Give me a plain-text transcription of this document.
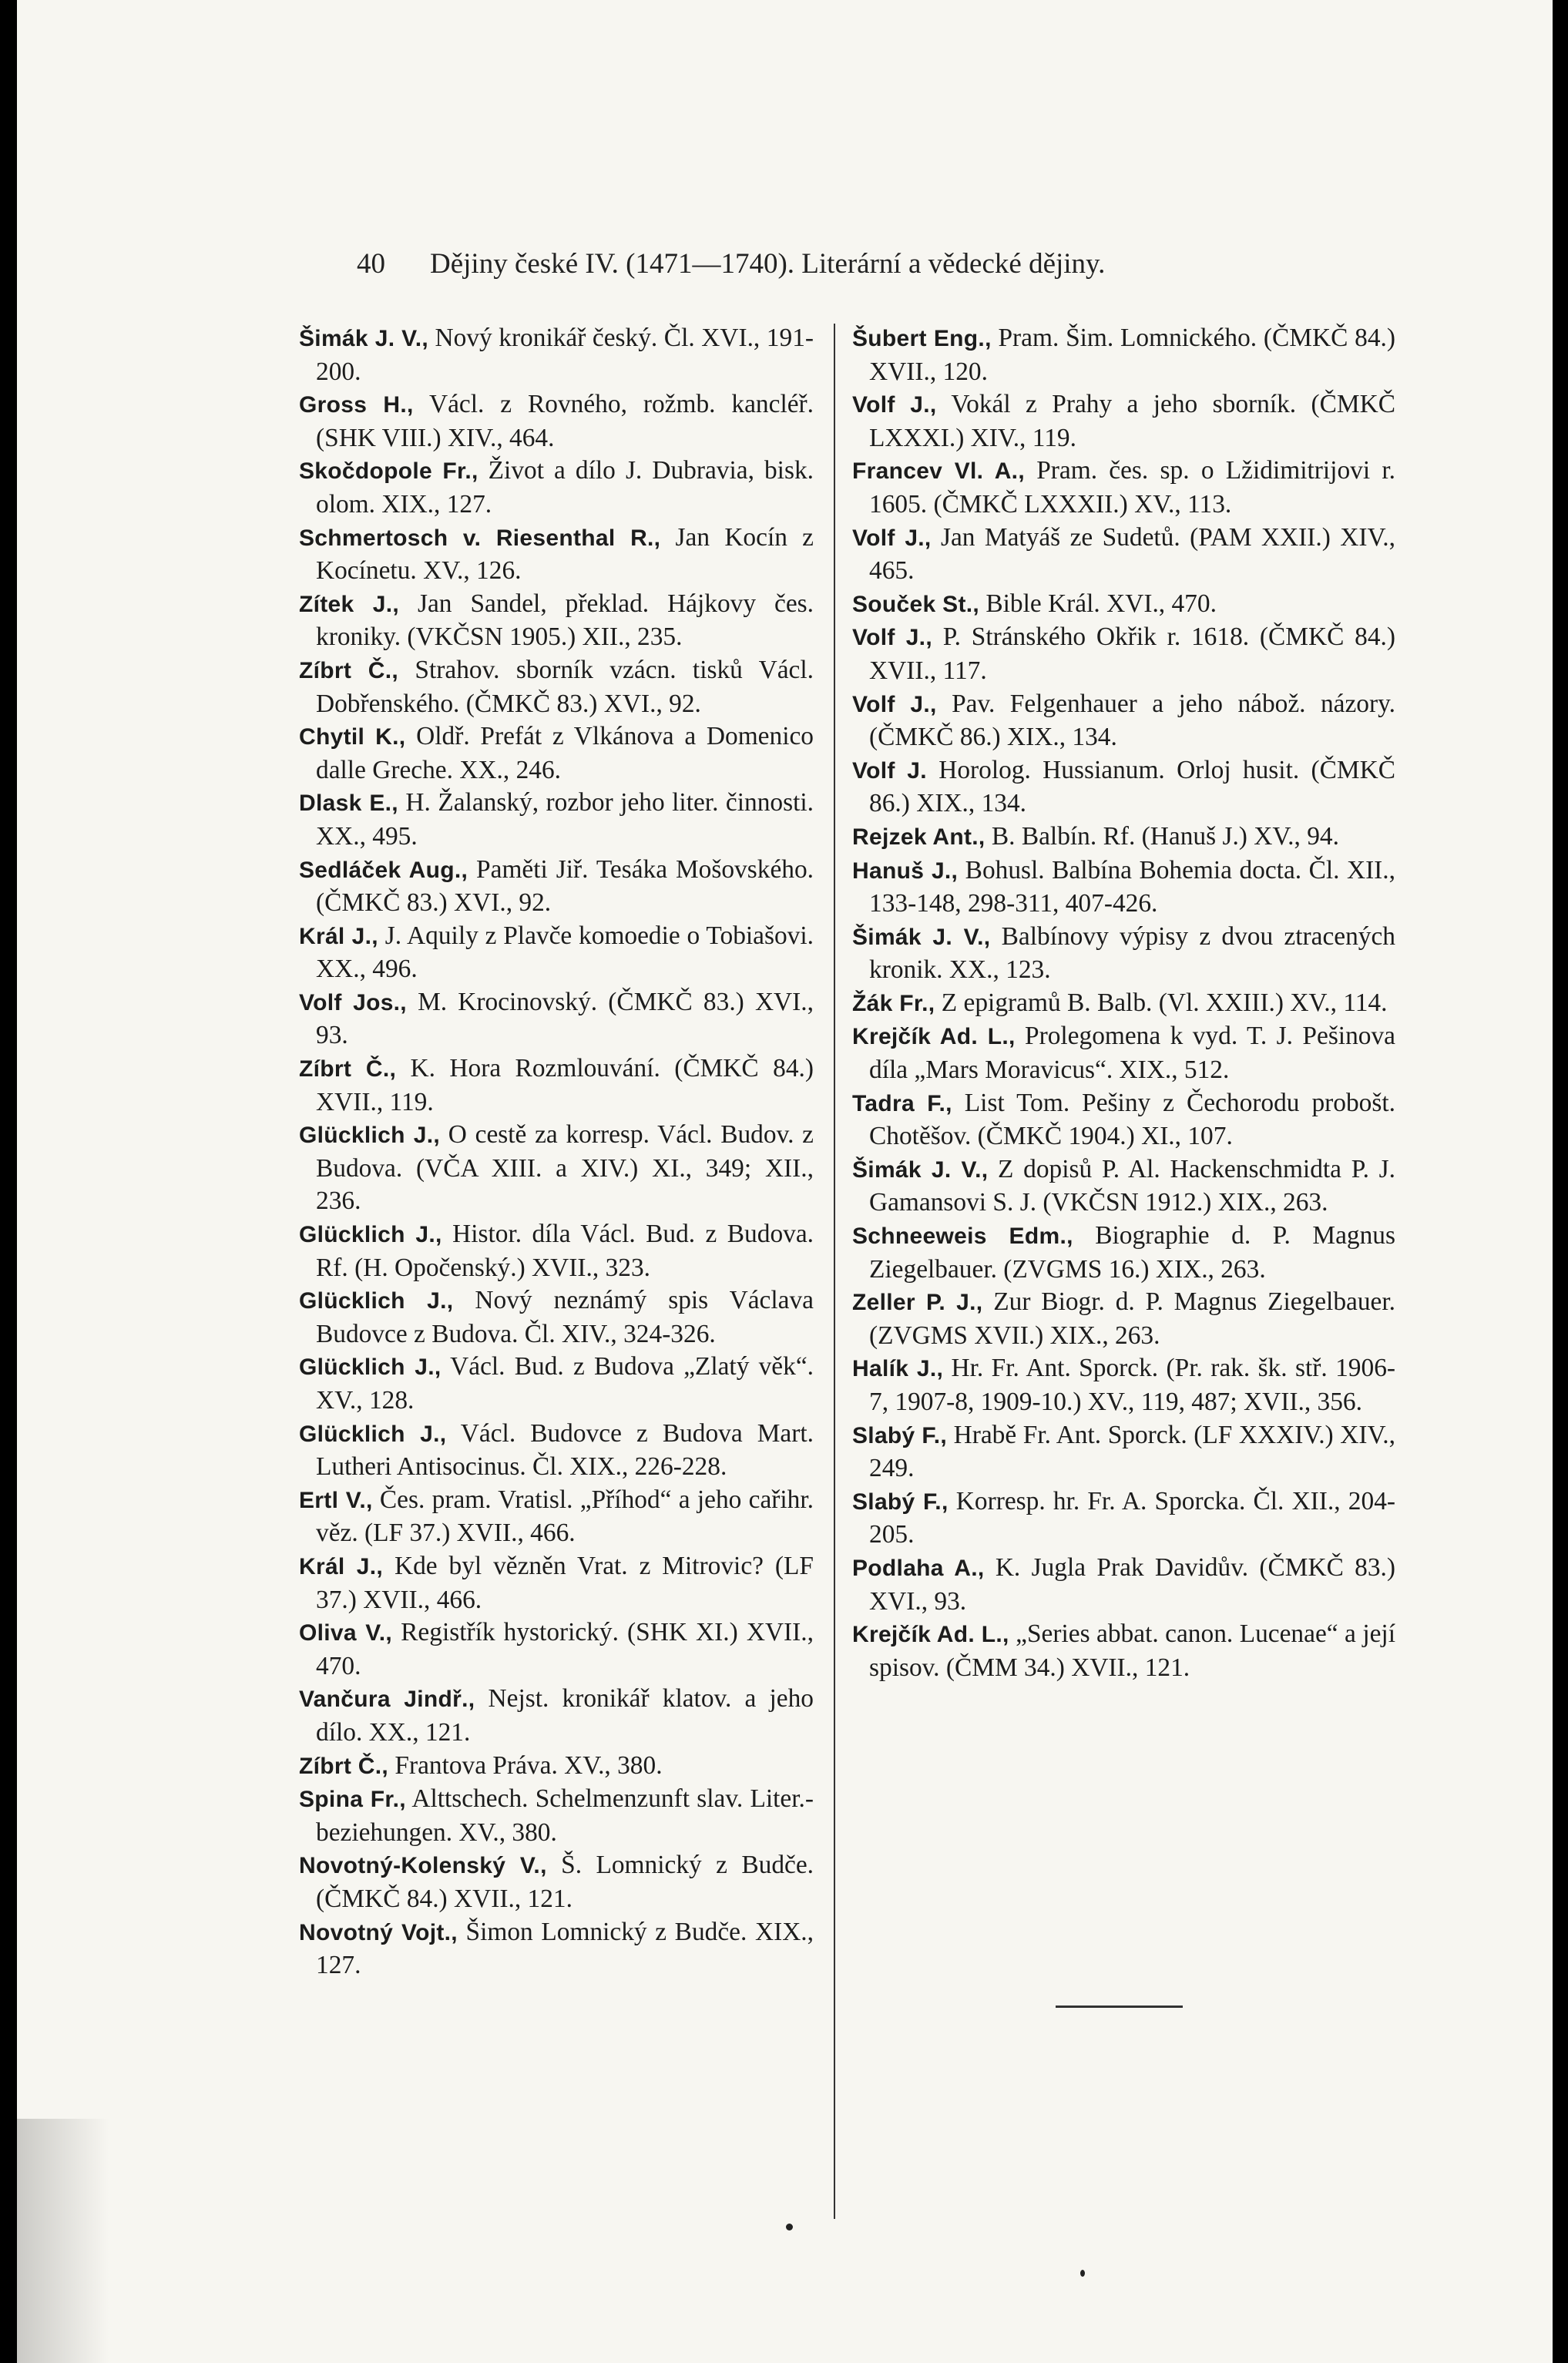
40 Dějiny české IV. (1471—1740). Literární a vědecké dějiny.

Šimák J. V., Nový kronikář český. Čl. XVI., 191-200.

Gross H., Václ. z Rovného, rožmb. kancléř. (SHK VIII.) XIV., 464.

Skočdopole Fr., Život a dílo J. Dubravia, bisk. olom. XIX., 127.

Schmertosch v. Riesenthal R., Jan Kocín z Kocínetu. XV., 126.

Zítek J., Jan Sandel, překlad. Hájkovy čes. kroniky. (VKČSN 1905.) XII., 235.

Zíbrt Č., Strahov. sborník vzácn. tisků Václ. Dobřenského. (ČMKČ 83.) XVI., 92.

Chytil K., Oldř. Prefát z Vlkánova a Domenico dalle Greche. XX., 246.

Dlask E., H. Žalanský, rozbor jeho liter. činnosti. XX., 495.

Sedláček Aug., Paměti Jiř. Tesáka Mošovského. (ČMKČ 83.) XVI., 92.

Král J., J. Aquily z Plavče komoedie o Tobiašovi. XX., 496.

Volf Jos., M. Krocinovský. (ČMKČ 83.) XVI., 93.

Zíbrt Č., K. Hora Rozmlouvání. (ČMKČ 84.) XVII., 119.

Glücklich J., O cestě za korresp. Václ. Budov. z Budova. (VČA XIII. a XIV.) XI., 349; XII., 236.

Glücklich J., Histor. díla Václ. Bud. z Budova. Rf. (H. Opočenský.) XVII., 323.

Glücklich J., Nový neznámý spis Václava Budovce z Budova. Čl. XIV., 324-326.

Glücklich J., Václ. Bud. z Budova „Zlatý věk“. XV., 128.

Glücklich J., Václ. Budovce z Budova Mart. Lutheri Antisocinus. Čl. XIX., 226-228.

Ertl V., Čes. pram. Vratisl. „Příhod“ a jeho cařihr. věz. (LF 37.) XVII., 466.

Král J., Kde byl vězněn Vrat. z Mitrovic? (LF 37.) XVII., 466.

Oliva V., Registřík hystorický. (SHK XI.) XVII., 470.

Vančura Jindř., Nejst. kronikář klatov. a jeho dílo. XX., 121.

Zíbrt Č., Frantova Práva. XV., 380.

Spina Fr., Alttschech. Schelmenzunft slav. Liter.-beziehungen. XV., 380.

Novotný-Kolenský V., Š. Lomnický z Budče. (ČMKČ 84.) XVII., 121.

Novotný Vojt., Šimon Lomnický z Budče. XIX., 127.

Šubert Eng., Pram. Šim. Lomnického. (ČMKČ 84.) XVII., 120.

Volf J., Vokál z Prahy a jeho sborník. (ČMKČ LXXXI.) XIV., 119.

Francev Vl. A., Pram. čes. sp. o Lžidimitrijovi r. 1605. (ČMKČ LXXXII.) XV., 113.

Volf J., Jan Matyáš ze Sudetů. (PAM XXII.) XIV., 465.

Souček St., Bible Král. XVI., 470.

Volf J., P. Stránského Okřik r. 1618. (ČMKČ 84.) XVII., 117.

Volf J., Pav. Felgenhauer a jeho nábož. názory. (ČMKČ 86.) XIX., 134.

Volf J. Horolog. Hussianum. Orloj husit. (ČMKČ 86.) XIX., 134.

Rejzek Ant., B. Balbín. Rf. (Hanuš J.) XV., 94.

Hanuš J., Bohusl. Balbína Bohemia docta. Čl. XII., 133-148, 298-311, 407-426.

Šimák J. V., Balbínovy výpisy z dvou ztracených kronik. XX., 123.

Žák Fr., Z epigramů B. Balb. (Vl. XXIII.) XV., 114.

Krejčík Ad. L., Prolegomena k vyd. T. J. Pešinova díla „Mars Moravicus“. XIX., 512.

Tadra F., List Tom. Pešiny z Čechorodu probošt. Chotěšov. (ČMKČ 1904.) XI., 107.

Šimák J. V., Z dopisů P. Al. Hackenschmidta P. J. Gamansovi S. J. (VKČSN 1912.) XIX., 263.

Schneeweis Edm., Biographie d. P. Magnus Ziegelbauer. (ZVGMS 16.) XIX., 263.

Zeller P. J., Zur Biogr. d. P. Magnus Ziegelbauer. (ZVGMS XVII.) XIX., 263.

Halík J., Hr. Fr. Ant. Sporck. (Pr. rak. šk. stř. 1906-7, 1907-8, 1909-10.) XV., 119, 487; XVII., 356.

Slabý F., Hrabě Fr. Ant. Sporck. (LF XXXIV.) XIV., 249.

Slabý F., Korresp. hr. Fr. A. Sporcka. Čl. XII., 204-205.

Podlaha A., K. Jugla Prak Davidův. (ČMKČ 83.) XVI., 93.

Krejčík Ad. L., „Series abbat. canon. Lucenae“ a její spisov. (ČMM 34.) XVII., 121.
